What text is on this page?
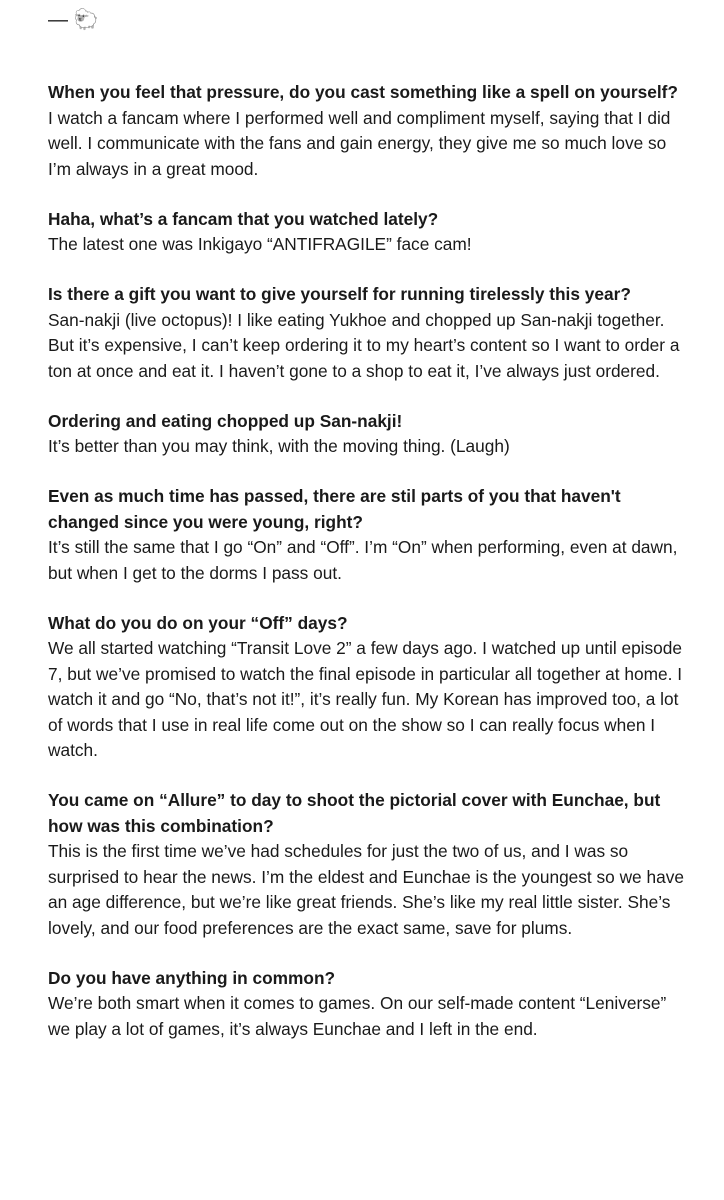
— 🐑

When you feel that pressure, do you cast something like a spell on yourself?

I watch a fancam where I performed well and compliment myself, saying that I did well. I communicate with the fans and gain energy, they give me so much love so I’m always in a great mood.

Haha, what’s a fancam that you watched lately?

The latest one was Inkigayo “ANTIFRAGILE” face cam!

Is there a gift you want to give yourself for running tirelessly this year?

San-nakji (live octopus)! I like eating Yukhoe and chopped up San-nakji together. But it’s expensive, I can’t keep ordering it to my heart’s content so I want to order a ton at once and eat it. I haven’t gone to a shop to eat it, I’ve always just ordered.

Ordering and eating chopped up San-nakji!

It’s better than you may think, with the moving thing. (Laugh)

Even as much time has passed, there are stil parts of you that haven't changed since you were young, right?

It’s still the same that I go “On” and “Off”. I’m “On” when performing, even at dawn, but when I get to the dorms I pass out.

What do you do on your “Off” days?

We all started watching “Transit Love 2” a few days ago. I watched up until episode 7, but we’ve promised to watch the final episode in particular all together at home. I watch it and go “No, that’s not it!”, it’s really fun. My Korean has improved too, a lot of words that I use in real life come out on the show so I can really focus when I watch.

You came on “Allure” to day to shoot the pictorial cover with Eunchae, but how was this combination?

This is the first time we’ve had schedules for just the two of us, and I was so surprised to hear the news. I’m the eldest and Eunchae is the youngest so we have an age difference, but we’re like great friends. She’s like my real little sister. She’s lovely, and our food preferences are the exact same, save for plums.

Do you have anything in common?

We’re both smart when it comes to games. On our self-made content “Leniverse” we play a lot of games, it’s always Eunchae and I left in the end.
